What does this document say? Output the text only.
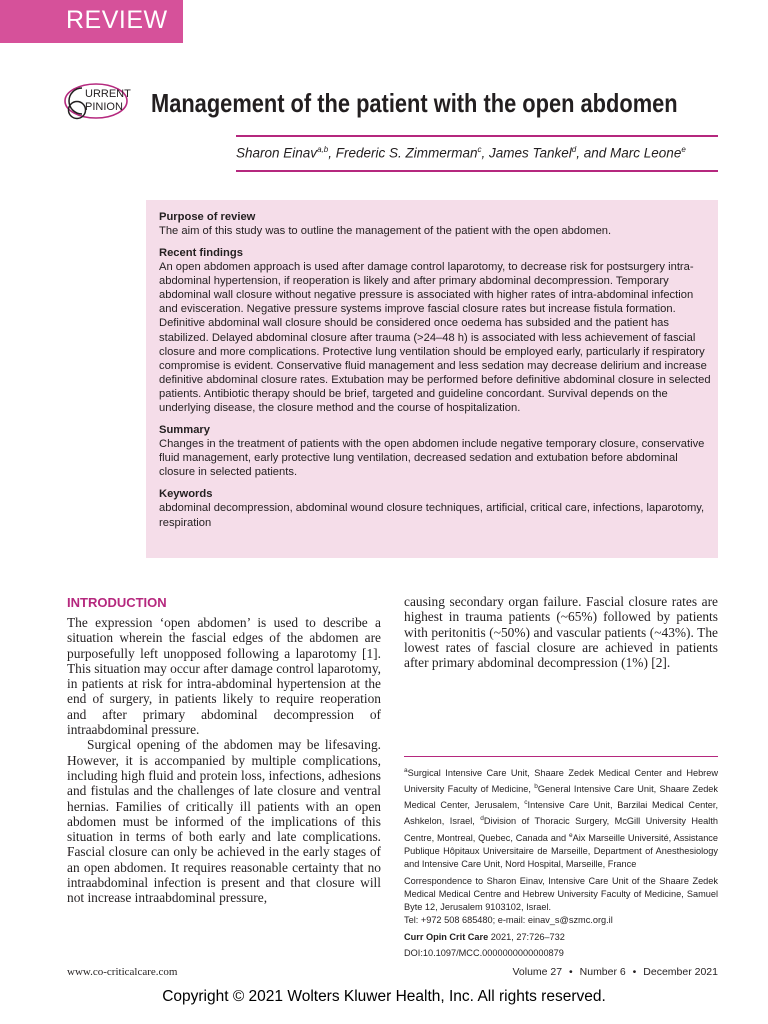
REVIEW
URRENT
PINION Management of the patient with the open abdomen
Sharon Einav$^{a,b}$, Frederic S. Zimmerman$^c$, James Tankel$^d$, and Marc Leone$^e$
Purpose of review

The aim of this study was to outline the management of the patient with the open abdomen.

Recent findings

An open abdomen approach is used after damage control laparotomy, to decrease risk for postsurgery intra-abdominal hypertension, if reoperation is likely and after primary abdominal decompression. Temporary abdominal wall closure without negative pressure is associated with higher rates of intra-abdominal infection and evisceration. Negative pressure systems improve fascial closure rates but increase fistula formation. Definitive abdominal wall closure should be considered once oedema has subsided and the patient has stabilized. Delayed abdominal closure after trauma (>24–48 h) is associated with less achievement of fascial closure and more complications. Protective lung ventilation should be employed early, particularly if respiratory compromise is evident. Conservative fluid management and less sedation may decrease delirium and increase definitive abdominal closure rates. Extubation may be performed before definitive abdominal closure in selected patients. Antibiotic therapy should be brief, targeted and guideline concordant. Survival depends on the underlying disease, the closure method and the course of hospitalization.

Summary

Changes in the treatment of patients with the open abdomen include negative temporary closure, conservative fluid management, early protective lung ventilation, decreased sedation and extubation before abdominal closure in selected patients.

Keywords

abdominal decompression, abdominal wound closure techniques, artificial, critical care, infections, laparotomy, respiration

INTRODUCTION

The expression ‘open abdomen’ is used to describe a situation wherein the fascial edges of the abdomen are purposefully left unopposed following a laparotomy [1]. This situation may occur after damage control laparotomy, in patients at risk for intra-abdominal hypertension at the end of surgery, in patients likely to require reoperation and after primary abdominal decompression of intraabdominal pressure.

Surgical opening of the abdomen may be lifesaving. However, it is accompanied by multiple complications, including high fluid and protein loss, infections, adhesions and fistulas and the challenges of late closure and ventral hernias. Families of critically ill patients with an open abdomen must be informed of the implications of this situation in terms of both early and late complications. Fascial closure can only be achieved in the early stages of an open abdomen. It requires reasonable certainty that no intraabdominal infection is present and that closure will not increase intraabdominal pressure,

causing secondary organ failure. Fascial closure rates are highest in trauma patients (~65%) followed by patients with peritonitis (~50%) and vascular patients (~43%). The lowest rates of fascial closure are achieved in patients after primary abdominal decompression (1%) [2].

$^a$Surgical Intensive Care Unit, Shaare Zedek Medical Center and Hebrew University Faculty of Medicine, $^b$General Intensive Care Unit, Shaare Zedek Medical Center, Jerusalem, $^c$Intensive Care Unit, Barzilai Medical Center, Ashkelon, Israel, $^d$Division of Thoracic Surgery, McGill University Health Centre, Montreal, Quebec, Canada and $^e$Aix Marseille Université, Assistance Publique Hôpitaux Universitaire de Marseille, Department of Anesthesiology and Intensive Care Unit, Nord Hospital, Marseille, France

Correspondence to Sharon Einav, Intensive Care Unit of the Shaare Zedek Medical Medical Centre and Hebrew University Faculty of Medicine, Samuel Byte 12, Jerusalem 9103102, Israel.

Tel: +972 508 685480; e-mail: einav_s@szmc.org.il

Curr Opin Crit Care 2021, 27:726–732

DOI:10.1097/MCC.0000000000000879

www.co-criticalcare.com	Volume 27 • Number 6 • December 2021
Copyright © 2021 Wolters Kluwer Health, Inc. All rights reserved.
